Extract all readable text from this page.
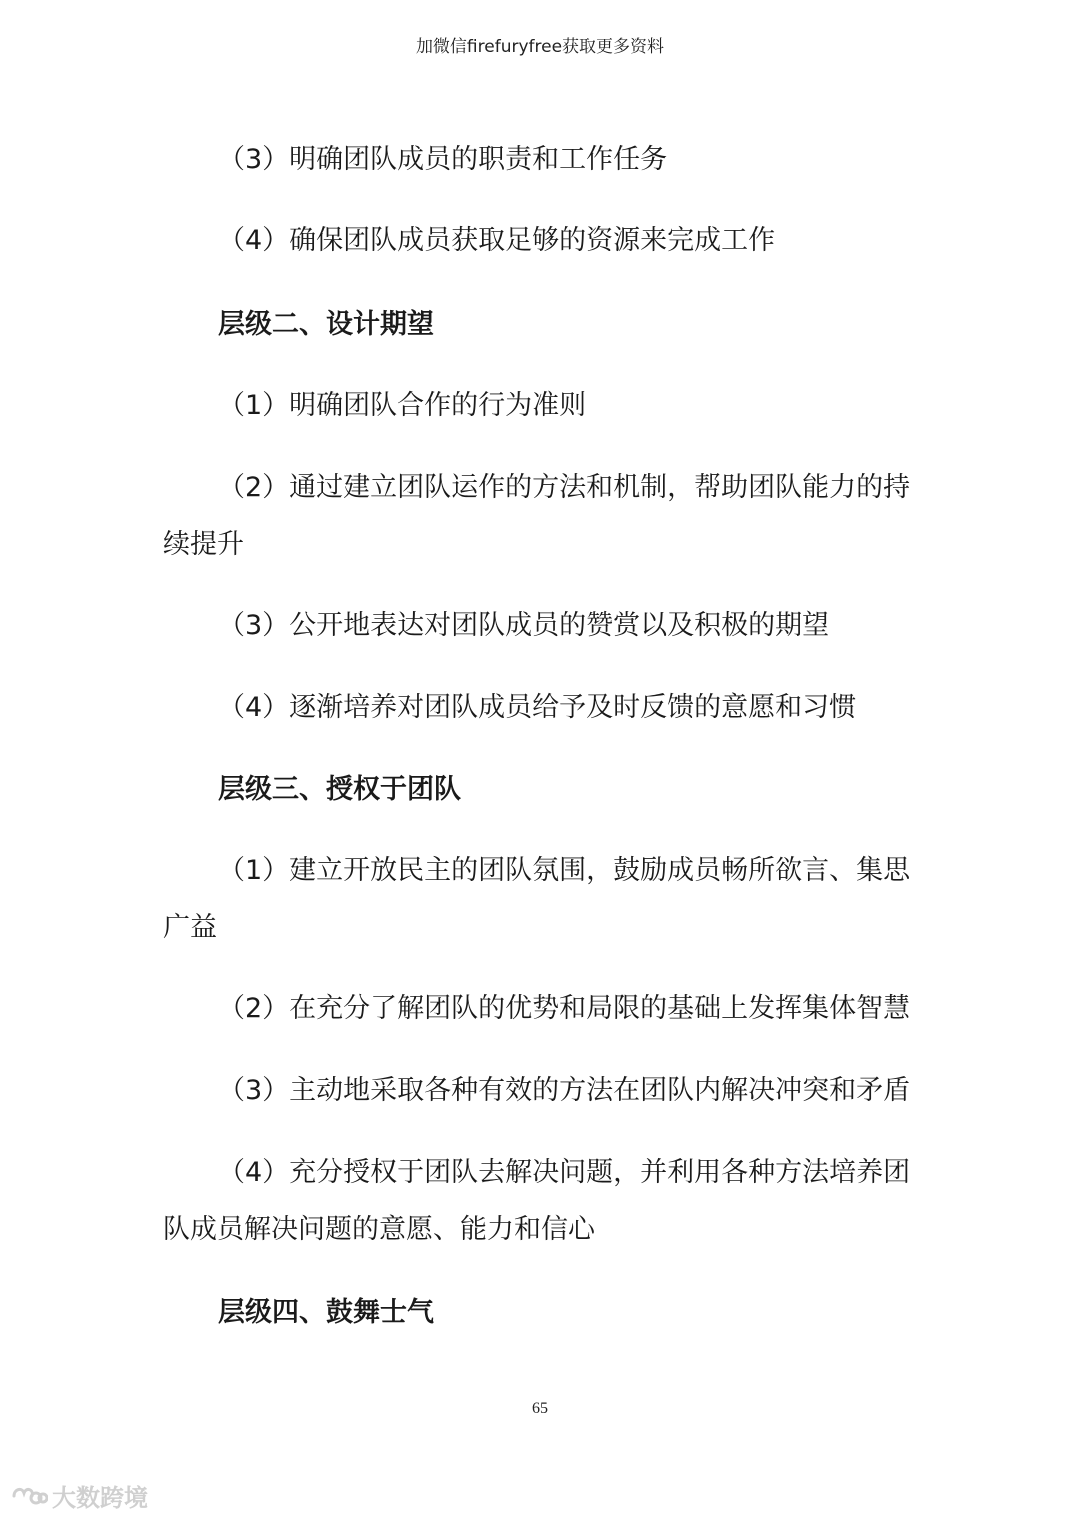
加微信firefuryfree获取更多资料
（3）明确团队成员的职责和工作任务
（4）确保团队成员获取足够的资源来完成工作
层级二、设计期望
（1）明确团队合作的行为准则
（2）通过建立团队运作的方法和机制，帮助团队能力的持
续提升
（3）公开地表达对团队成员的赞赏以及积极的期望
（4）逐渐培养对团队成员给予及时反馈的意愿和习惯
层级三、授权于团队
（1）建立开放民主的团队氛围，鼓励成员畅所欲言、集思
广益
（2）在充分了解团队的优势和局限的基础上发挥集体智慧
（3）主动地采取各种有效的方法在团队内解决冲突和矛盾
（4）充分授权于团队去解决问题，并利用各种方法培养团
队成员解决问题的意愿、能力和信心
层级四、鼓舞士气
65
大数跨境
